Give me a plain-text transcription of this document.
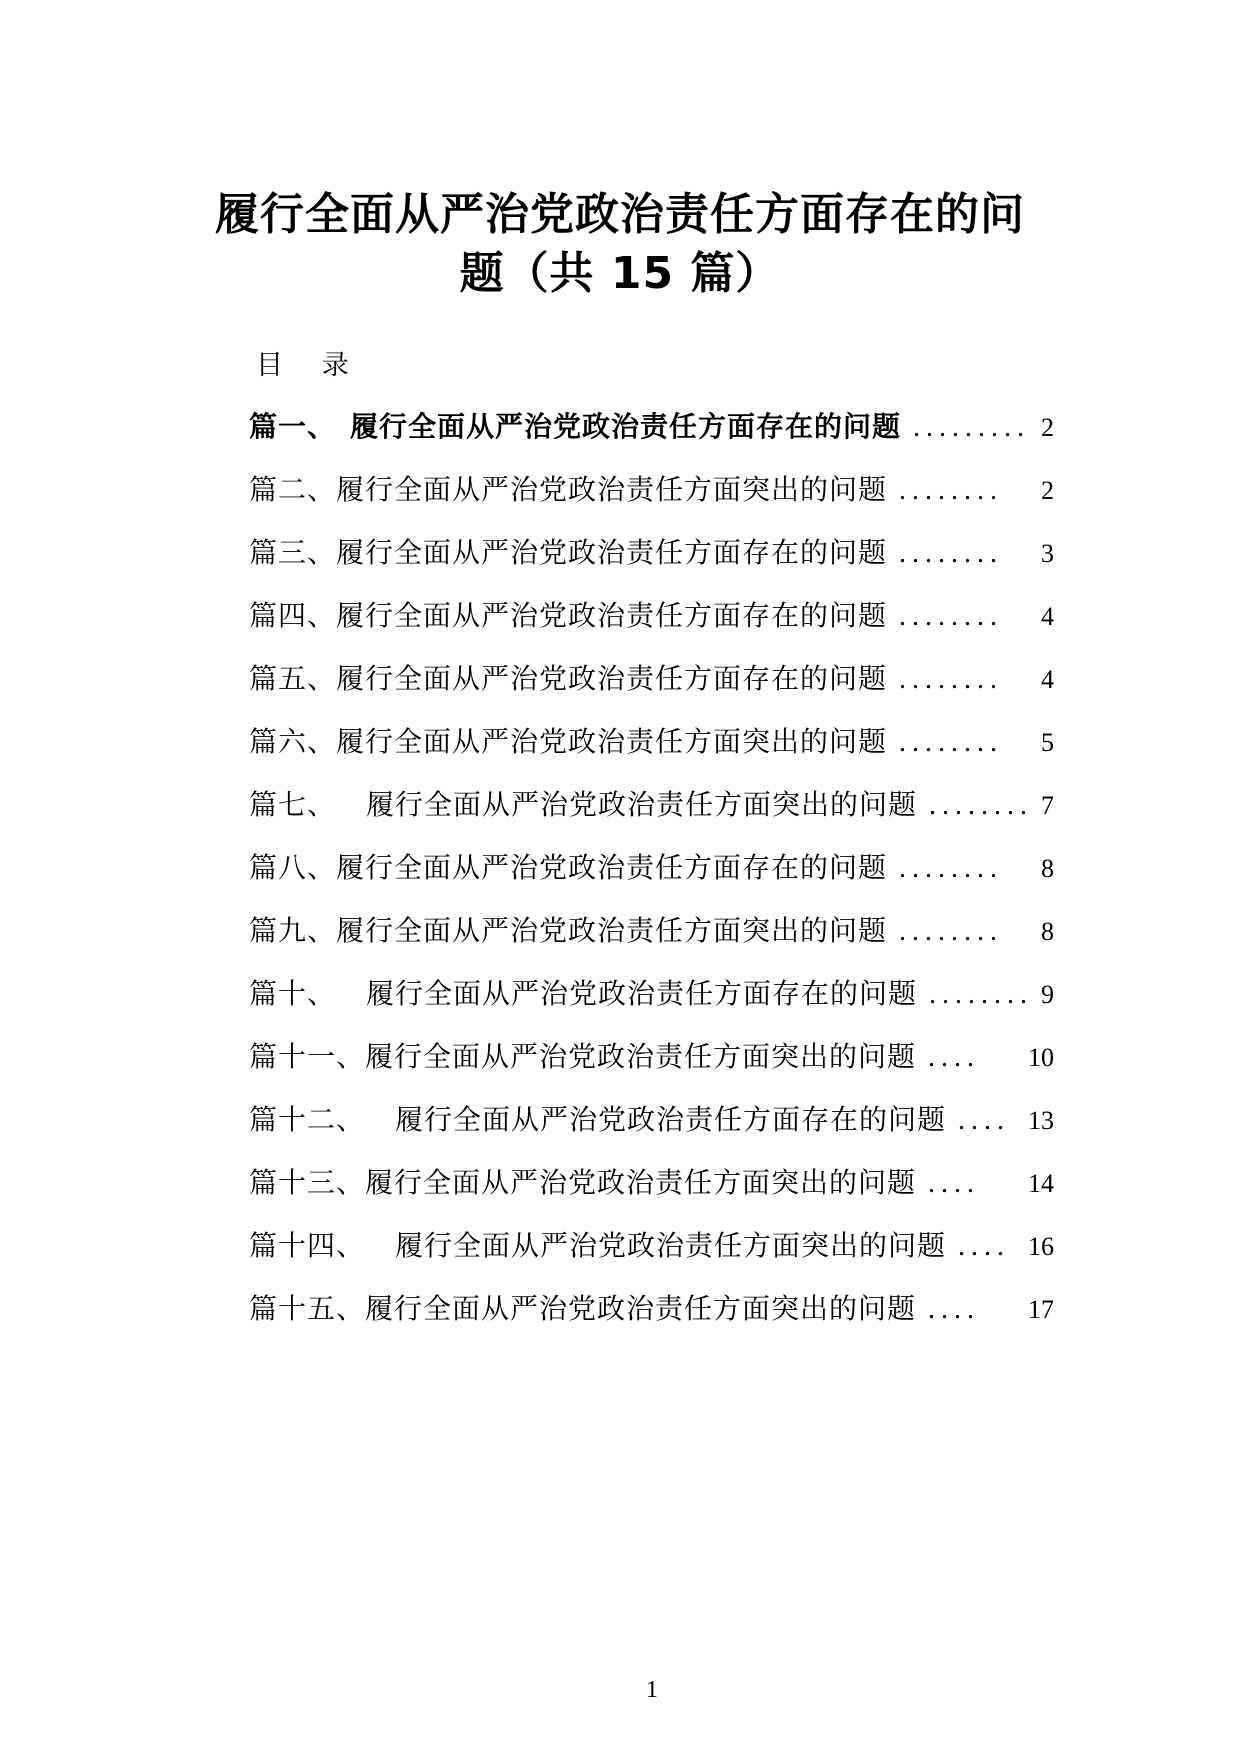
履行全面从严治党政治责任方面存在的问
题（共 15 篇）
目 录
篇一、 履行全面从严治党政治责任方面存在的问题 ......... 2
篇二、 履行全面从严治党政治责任方面突出的问题 ........ 2
篇三、 履行全面从严治党政治责任方面存在的问题 ........ 3
篇四、 履行全面从严治党政治责任方面存在的问题 ........ 4
篇五、 履行全面从严治党政治责任方面存在的问题 ........ 4
篇六、 履行全面从严治党政治责任方面突出的问题 ........ 5
篇七、 履行全面从严治党政治责任方面突出的问题 ........ 7
篇八、 履行全面从严治党政治责任方面存在的问题 ........ 8
篇九、 履行全面从严治党政治责任方面突出的问题 ........ 8
篇十、 履行全面从严治党政治责任方面存在的问题 ........ 9
篇十一、 履行全面从严治党政治责任方面突出的问题 .... 10
篇十二、 履行全面从严治党政治责任方面存在的问题 .... 13
篇十三、 履行全面从严治党政治责任方面突出的问题 .... 14
篇十四、 履行全面从严治党政治责任方面突出的问题 .... 16
篇十五、 履行全面从严治党政治责任方面突出的问题 .... 17
1
